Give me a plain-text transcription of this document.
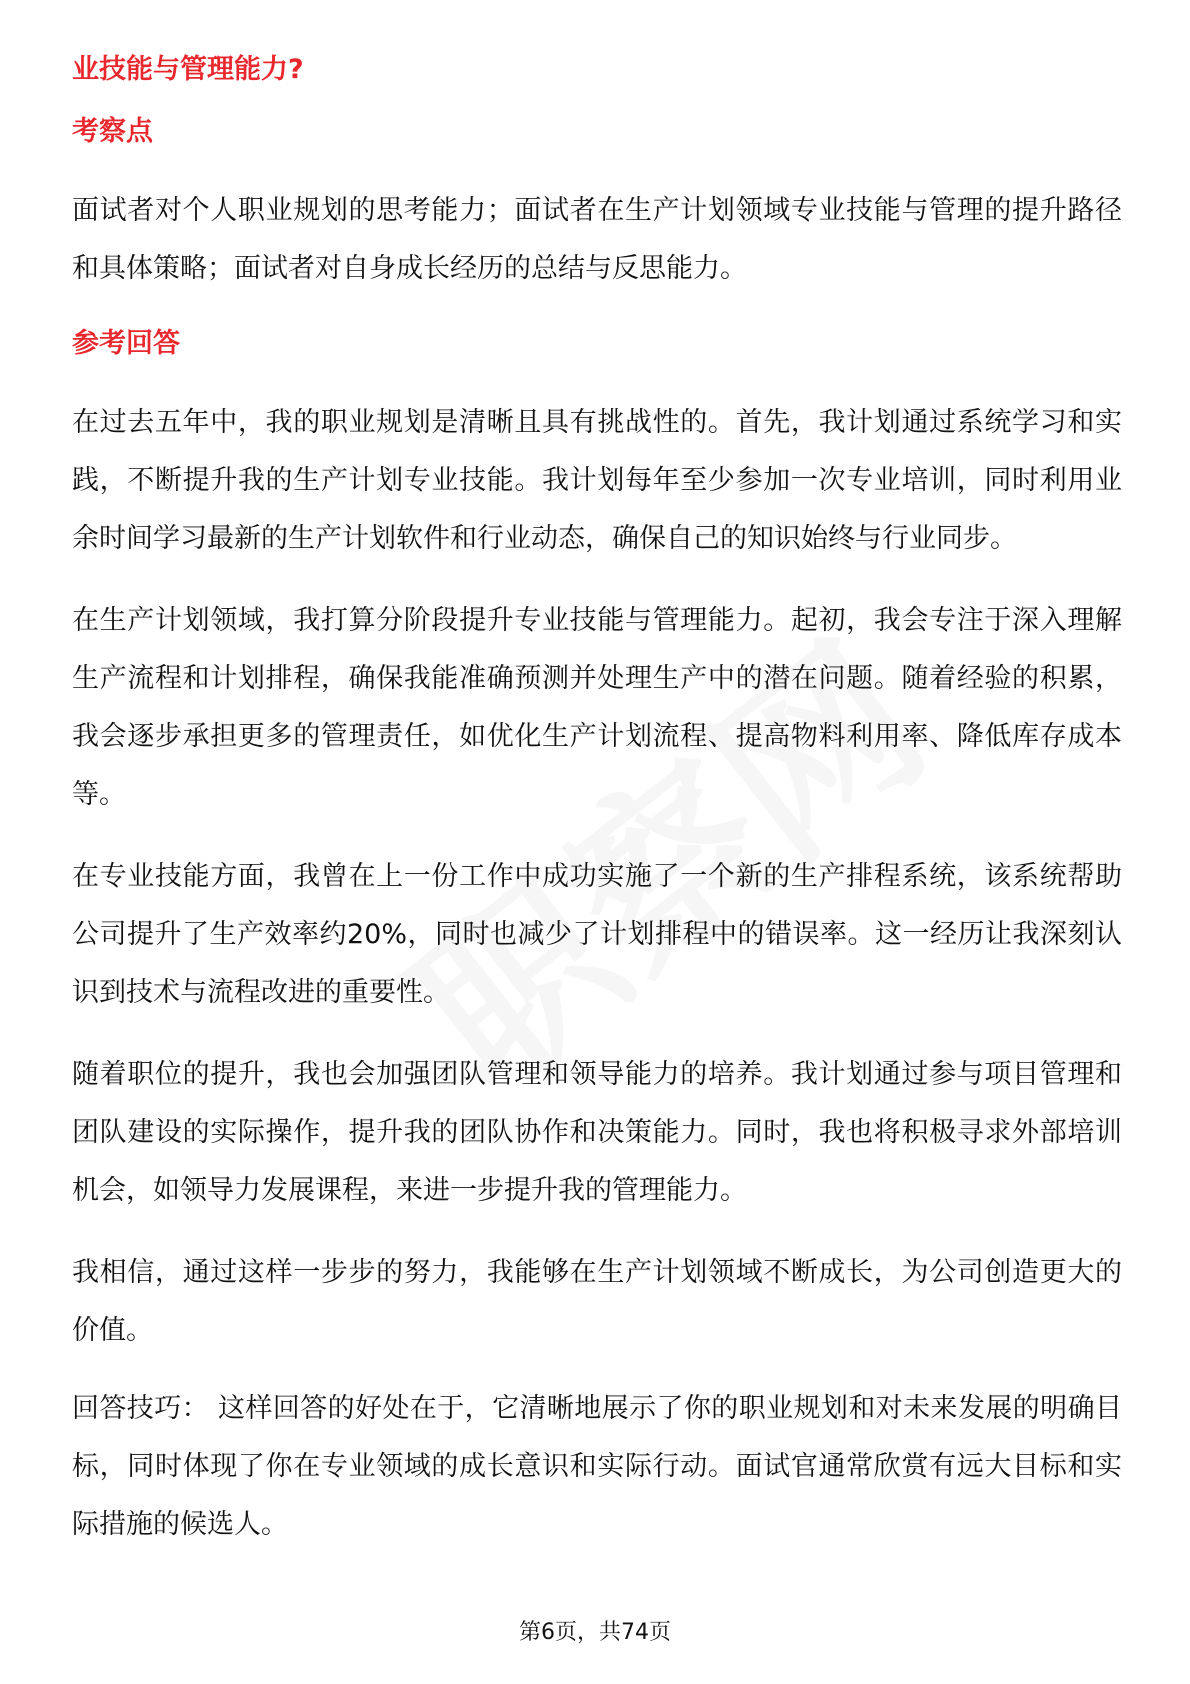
业技能与管理能力?
考察点

面试者对个人职业规划的思考能力；面试者在生产计划领域专业技能与管理的提升路径和具体策略；面试者对自身成长经历的总结与反思能力。

参考回答

在过去五年中，我的职业规划是清晰且具有挑战性的。首先，我计划通过系统学习和实践，不断提升我的生产计划专业技能。我计划每年至少参加一次专业培训，同时利用业余时间学习最新的生产计划软件和行业动态，确保自己的知识始终与行业同步。

在生产计划领域，我打算分阶段提升专业技能与管理能力。起初，我会专注于深入理解生产流程和计划排程，确保我能准确预测并处理生产中的潜在问题。随着经验的积累，我会逐步承担更多的管理责任，如优化生产计划流程、提高物料利用率、降低库存成本等。

在专业技能方面，我曾在上一份工作中成功实施了一个新的生产排程系统，该系统帮助公司提升了生产效率约20%，同时也减少了计划排程中的错误率。这一经历让我深刻认识到技术与流程改进的重要性。

随着职位的提升，我也会加强团队管理和领导能力的培养。我计划通过参与项目管理和团队建设的实际操作，提升我的团队协作和决策能力。同时，我也将积极寻求外部培训机会，如领导力发展课程，来进一步提升我的管理能力。

我相信，通过这样一步步的努力，我能够在生产计划领域不断成长，为公司创造更大的价值。

回答技巧： 这样回答的好处在于，它清晰地展示了你的职业规划和对未来发展的明确目标，同时体现了你在专业领域的成长意识和实际行动。面试官通常欣赏有远大目标和实际措施的候选人。

第6页，共74页
